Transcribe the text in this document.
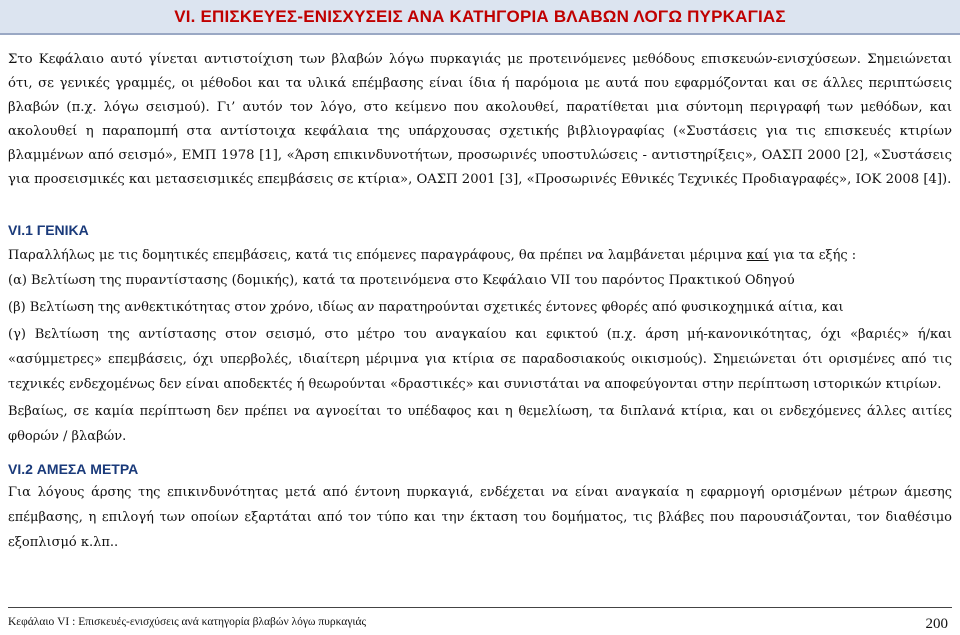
VI. ΕΠΙΣΚΕΥΕΣ-ΕΝΙΣΧΥΣΕΙΣ ΑΝΑ ΚΑΤΗΓΟΡΙΑ ΒΛΑΒΩΝ ΛΟΓΩ ΠΥΡΚΑΓΙΑΣ

Στο Κεφάλαιο αυτό γίνεται αντιστοίχιση των βλαβών λόγω πυρκαγιάς με προτεινόμενες μεθόδους επισκευών-ενισχύσεων. Σημειώνεται ότι, σε γενικές γραμμές, οι μέθοδοι και τα υλικά επέμβασης είναι ίδια ή παρόμοια με αυτά που εφαρμόζονται και σε άλλες περιπτώσεις βλαβών (π.χ. λόγω σεισμού). Γι’ αυτόν τον λόγο, στο κείμενο που ακολουθεί, παρατίθεται μια σύντομη περιγραφή των μεθόδων, και ακολουθεί η παραπομπή στα αντίστοιχα κεφάλαια της υπάρχουσας σχετικής βιβλιογραφίας («Συστάσεις για τις επισκευές κτιρίων βλαμμένων από σεισμό», ΕΜΠ 1978 [1], «Άρση επικινδυνοτήτων, προσωρινές υποστυλώσεις - αντιστηρίξεις», ΟΑΣΠ 2000 [2], «Συστάσεις για προσεισμικές και μετασεισμικές επεμβάσεις σε κτίρια», ΟΑΣΠ 2001 [3], «Προσωρινές Εθνικές Τεχνικές Προδιαγραφές», ΙΟΚ 2008 [4]).

VI.1 ΓΕΝΙΚΑ

Παραλλήλως με τις δομητικές επεμβάσεις, κατά τις επόμενες παραγράφους, θα πρέπει να λαμβάνεται μέριμνα καί για τα εξής :

(α) Βελτίωση της πυραντίστασης (δομικής), κατά τα προτεινόμενα στο Κεφάλαιο VII του παρόντος Πρακτικού Οδηγού

(β) Βελτίωση της ανθεκτικότητας στον χρόνο, ιδίως αν παρατηρούνται σχετικές έντονες φθορές από φυσικοχημικά αίτια, και

(γ) Βελτίωση της αντίστασης στον σεισμό, στο μέτρο του αναγκαίου και εφικτού (π.χ. άρση μή-κανονικότητας, όχι «βαριές» ή/και «ασύμμετρες» επεμβάσεις, όχι υπερβολές, ιδιαίτερη μέριμνα για κτίρια σε παραδοσιακούς οικισμούς). Σημειώνεται ότι ορισμένες από τις τεχνικές ενδεχομένως δεν είναι αποδεκτές ή θεωρούνται «δραστικές» και συνιστάται να αποφεύγονται στην περίπτωση ιστορικών κτιρίων.

Βεβαίως, σε καμία περίπτωση δεν πρέπει να αγνοείται το υπέδαφος και η θεμελίωση, τα διπλανά κτίρια, και οι ενδεχόμενες άλλες αιτίες φθορών / βλαβών.

VI.2 ΑΜΕΣΑ ΜΕΤΡΑ

Για λόγους άρσης της επικινδυνότητας μετά από έντονη πυρκαγιά, ενδέχεται να είναι αναγκαία η εφαρμογή ορισμένων μέτρων άμεσης επέμβασης, η επιλογή των οποίων εξαρτάται από τον τύπο και την έκταση του δομήματος, τις βλάβες που παρουσιάζονται, τον διαθέσιμο εξοπλισμό κ.λπ..

Κεφάλαιο VI : Επισκευές-ενισχύσεις ανά κατηγορία βλαβών λόγω πυρκαγιάς	200
